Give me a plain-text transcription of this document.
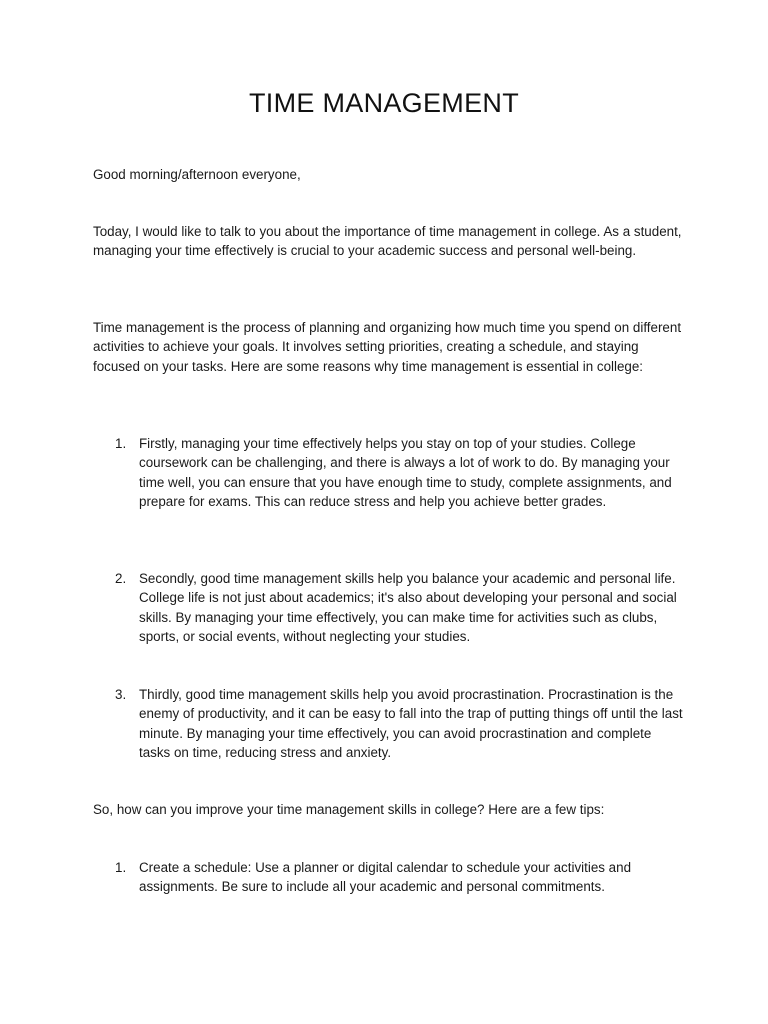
TIME MANAGEMENT
Good morning/afternoon everyone,
Today, I would like to talk to you about the importance of time management in college. As a student, managing your time effectively is crucial to your academic success and personal well-being.
Time management is the process of planning and organizing how much time you spend on different activities to achieve your goals. It involves setting priorities, creating a schedule, and staying focused on your tasks. Here are some reasons why time management is essential in college:
1. Firstly, managing your time effectively helps you stay on top of your studies. College coursework can be challenging, and there is always a lot of work to do. By managing your time well, you can ensure that you have enough time to study, complete assignments, and prepare for exams. This can reduce stress and help you achieve better grades.
2. Secondly, good time management skills help you balance your academic and personal life. College life is not just about academics; it's also about developing your personal and social skills. By managing your time effectively, you can make time for activities such as clubs, sports, or social events, without neglecting your studies.
3. Thirdly, good time management skills help you avoid procrastination. Procrastination is the enemy of productivity, and it can be easy to fall into the trap of putting things off until the last minute. By managing your time effectively, you can avoid procrastination and complete tasks on time, reducing stress and anxiety.
So, how can you improve your time management skills in college? Here are a few tips:
1. Create a schedule: Use a planner or digital calendar to schedule your activities and assignments. Be sure to include all your academic and personal commitments.
